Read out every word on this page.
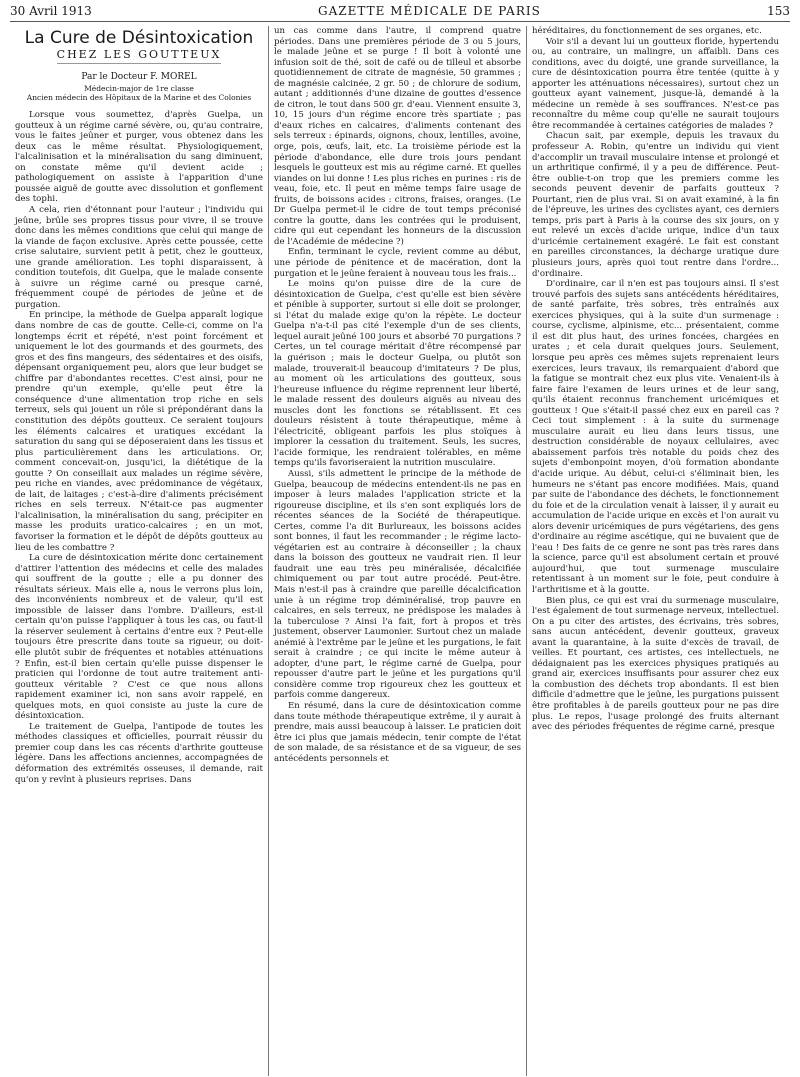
30 Avril 1913	GAZETTE MÉDICALE DE PARIS	153
La Cure de Désintoxication
CHEZ LES GOUTTEUX
Par le Docteur F. MOREL
Médecin-major de 1re classe
Ancien médecin des Hôpitaux de la Marine et des Colonies

Lorsque vous soumettez, d'après Guelpa, un goutteux à un régime carné sévère, ou, qu'au contraire, vous le faites jeûner et purger, vous obtenez dans les deux cas le même résultat. Physiologiquement, l'alcalinisation et la minéralisation du sang diminuent, on constate même qu'il devient acide ; pathologiquement on assiste à l'apparition d'une poussée aiguë de goutte avec dissolution et gonflement des tophi.

A cela, rien d'étonnant pour l'auteur ; l'individu qui jeûne, brûle ses propres tissus pour vivre, il se trouve donc dans les mêmes conditions que celui qui mange de la viande de façon exclusive. Après cette poussée, cette crise salutaire, survient petit à petit, chez le goutteux, une grande amélioration. Les tophi disparaissent, à condition toutefois, dit Guelpa, que le malade consente à suivre un régime carné ou presque carné, fréquemment coupé de périodes de jeûne et de purgation.

En principe, la méthode de Guelpa apparaît logique dans nombre de cas de goutte. Celle-ci, comme on l'a longtemps écrit et répété, n'est point forcément et uniquement le lot des gourmands et des gourmets, des gros et des fins mangeurs, des sédentaires et des oisifs, dépensant organiquement peu, alors que leur budget se chiffre par d'abondantes recettes. C'est ainsi, pour ne prendre qu'un exemple, qu'elle peut être la conséquence d'une alimentation trop riche en sels terreux, sels qui jouent un rôle si prépondérant dans la constitution des dépôts goutteux. Ce seraient toujours les éléments calcaires et uratiques excédant la saturation du sang qui se déposeraient dans les tissus et plus particulièrement dans les articulations. Or, comment concevait-on, jusqu'ici, la diététique de la goutte ? On conseillait aux malades un régime sévère, peu riche en viandes, avec prédominance de végétaux, de lait, de laitages ; c'est-à-dire d'aliments précisément riches en sels terreux. N'était-ce pas augmenter l'alcalinisation, la minéralisation du sang, précipiter en masse les produits uratico-calcaires ; en un mot, favoriser la formation et le dépôt de dépôts goutteux au lieu de les combattre ?

La cure de désintoxication mérite donc certainement d'attirer l'attention des médecins et celle des malades qui souffrent de la goutte ; elle a pu donner des résultats sérieux. Mais elle a, nous le verrons plus loin, des inconvénients nombreux et de valeur, qu'il est impossible de laisser dans l'ombre. D'ailleurs, est-il certain qu'on puisse l'appliquer à tous les cas, ou faut-il la réserver seulement à certains d'entre eux ? Peut-elle toujours être prescrite dans toute sa rigueur, ou doit-elle plutôt subir de fréquentes et notables atténuations ? Enfin, est-il bien certain qu'elle puisse dispenser le praticien qui l'ordonne de tout autre traitement anti-goutteux véritable ? C'est ce que nous allons rapidement examiner ici, non sans avoir rappelé, en quelques mots, en quoi consiste au juste la cure de désintoxication.

Le traitement de Guelpa, l'antipode de toutes les méthodes classiques et officielles, pourrait réussir du premier coup dans les cas récents d'arthrite goutteuse légère. Dans les affections anciennes, accompagnées de déformation des extrémités osseuses, il demande, rait qu'on y revînt à plusieurs reprises. Dans

un cas comme dans l'autre, il comprend quatre périodes. Dans une premières période de 3 ou 5 jours, le malade jeûne et se purge ! Il boit à volonté une infusion soit de thé, soit de café ou de tilleul et absorbe quotidiennement de citrate de magnésie, 50 grammes ; de magnésie calcinée, 2 gr. 50 ; de chlorure de sodium, autant ; additionnés d'une dizaine de gouttes d'essence de citron, le tout dans 500 gr. d'eau. Viennent ensuite 3, 10, 15 jours d'un régime encore très spartiate ; pas d'eaux riches en calcaires, d'aliments contenant des sels terreux : épinards, oignons, choux, lentilles, avoine, orge, pois, œufs, lait, etc. La troisième période est la période d'abondance, elle dure trois jours pendant lesquels le goutteux est mis au régime carné. Et quelles viandes on lui donne ! Les plus riches en purines : ris de veau, foie, etc. Il peut en même temps faire usage de fruits, de boissons acides : citrons, fraises, oranges. (Le Dr Guelpa permet-il le cidre de tout temps préconisé contre la goutte, dans les contrées qui le produisent, cidre qui eut cependant les honneurs de la discussion de l'Académie de médecine ?)

Enfin, terminant le cycle, revient comme au début, une période de pénitence et de macération, dont la purgation et le jeûne feraient à nouveau tous les frais...

Le moins qu'on puisse dire de la cure de désintoxication de Guelpa, c'est qu'elle est bien sévère et pénible à supporter, surtout si elle doit se prolonger, si l'état du malade exige qu'on la répète. Le docteur Guelpa n'a-t-il pas cité l'exemple d'un de ses clients, lequel aurait jeûné 100 jours et absorbé 70 purgations ? Certes, un tel courage méritait d'être récompensé par la guérison ; mais le docteur Guelpa, ou plutôt son malade, trouverait-il beaucoup d'imitateurs ? De plus, au moment où les articulations des goutteux, sous l'heureuse influence du régime reprennent leur liberté, le malade ressent des douleurs aiguës au niveau des muscles dont les fonctions se rétablissent. Et ces douleurs résistent à toute thérapeutique, même à l'électricité, obligeant parfois les plus stoïques à implorer la cessation du traitement. Seuls, les sucres, l'acide formique, les rendraient tolérables, en même temps qu'ils favoriseraient la nutrition musculaire.

Aussi, s'ils admettent le principe de la méthode de Guelpa, beaucoup de médecins entendent-ils ne pas en imposer à leurs malades l'application stricte et la rigoureuse discipline, et ils s'en sont expliqués lors de récentes séances de la Société de thérapeutique. Certes, comme l'a dit Burlureaux, les boissons acides sont bonnes, il faut les recommander ; le régime lacto-végétarien est au contraire à déconseiller ; la chaux dans la boisson des goutteux ne vaudrait rien. Il leur faudrait une eau très peu minéralisée, décalcifiée chimiquement ou par tout autre procédé. Peut-être. Mais n'est-il pas à craindre que pareille décalcification unie à un régime trop déminéralisé, trop pauvre en calcaires, en sels terreux, ne prédispose les malades à la tuberculose ? Ainsi l'a fait, fort à propos et très justement, observer Laumonier. Surtout chez un malade anémié à l'extrême par le jeûne et les purgations, le fait serait à craindre ; ce qui incite le même auteur à adopter, d'une part, le régime carné de Guelpa, pour repousser d'autre part le jeûne et les purgations qu'il considère comme trop rigoureux chez les goutteux et parfois comme dangereux.

En résumé, dans la cure de désintoxication comme dans toute méthode thérapeutique extrême, il y aurait à prendre, mais aussi beaucoup à laisser. Le praticien doit être ici plus que jamais médecin, tenir compte de l'état de son malade, de sa résistance et de sa vigueur, de ses antécédents personnels et

héréditaires, du fonctionnement de ses organes, etc.

Voir s'il a devant lui un goutteux floride, hypertendu ou, au contraire, un malingre, un affaibli. Dans ces conditions, avec du doigté, une grande surveillance, la cure de désintoxication pourra être tentée (quitte à y apporter les atténuations nécessaires), surtout chez un goutteux ayant vainement, jusque-là, demandé à la médecine un remède à ses souffrances. N'est-ce pas reconnaître du même coup qu'elle ne saurait toujours être recommandée à certaines catégories de malades ?

Chacun sait, par exemple, depuis les travaux du professeur A. Robin, qu'entre un individu qui vient d'accomplir un travail musculaire intense et prolongé et un arthritique confirmé, il y a peu de différence. Peut-être oublie-t-on trop que les premiers comme les seconds peuvent devenir de parfaits goutteux ? Pourtant, rien de plus vrai. Si on avait examiné, à la fin de l'épreuve, les urines des cyclistes ayant, ces derniers temps, pris part à Paris à la course des six jours, on y eut relevé un excès d'acide urique, indice d'un taux d'uricémie certainement exagéré. Le fait est constant en pareilles circonstances, la décharge uratique dure plusieurs jours, après quoi tout rentre dans l'ordre... d'ordinaire.

D'ordinaire, car il n'en est pas toujours ainsi. Il s'est trouvé parfois des sujets sans antécédents héréditaires, de santé parfaite, très sobres, très entraînés aux exercices physiques, qui à la suite d'un surmenage : course, cyclisme, alpinisme, etc... présentaient, comme il est dit plus haut, des urines foncées, chargées en urates ; et cela durait quelques jours. Seulement, lorsque peu après ces mêmes sujets reprenaient leurs exercices, leurs travaux, ils remarquaient d'abord que la fatigue se montrait chez eux plus vite. Venaient-ils à faire faire l'examen de leurs urines et de leur sang, qu'ils étaient reconnus franchement uricémiques et goutteux ! Que s'était-il passé chez eux en pareil cas ? Ceci tout simplement : à la suite du surmenage musculaire aurait eu lieu dans leurs tissus, une destruction considérable de noyaux cellulaires, avec abaissement parfois très notable du poids chez des sujets d'embonpoint moyen, d'où formation abondante d'acide urique. Au début, celui-ci s'éliminait bien, les humeurs ne s'étant pas encore modifiées. Mais, quand par suite de l'abondance des déchets, le fonctionnement du foie et de la circulation venait à laisser, il y aurait eu accumulation de l'acide urique en excès et l'on aurait vu alors devenir uricémiques de purs végétariens, des gens d'ordinaire au régime ascétique, qui ne buvaient que de l'eau ! Des faits de ce genre ne sont pas très rares dans la science, parce qu'il est absolument certain et prouvé aujourd'hui, que tout surmenage musculaire retentissant à un moment sur le foie, peut conduire à l'arthritisme et à la goutte.

Bien plus, ce qui est vrai du surmenage musculaire, l'est également de tout surmenage nerveux, intellectuel. On a pu citer des artistes, des écrivains, très sobres, sans aucun antécédent, devenir goutteux, graveux avant la quarantaine, à la suite d'excès de travail, de veilles. Et pourtant, ces artistes, ces intellectuels, ne dédaignaient pas les exercices physiques pratiqués au grand air, exercices insuffisants pour assurer chez eux la combustion des déchets trop abondants. Il est bien difficile d'admettre que le jeûne, les purgations puissent être profitables à de pareils goutteux pour ne pas dire plus. Le repos, l'usage prolongé des fruits alternant avec des périodes fréquentes de régime carné, presque
